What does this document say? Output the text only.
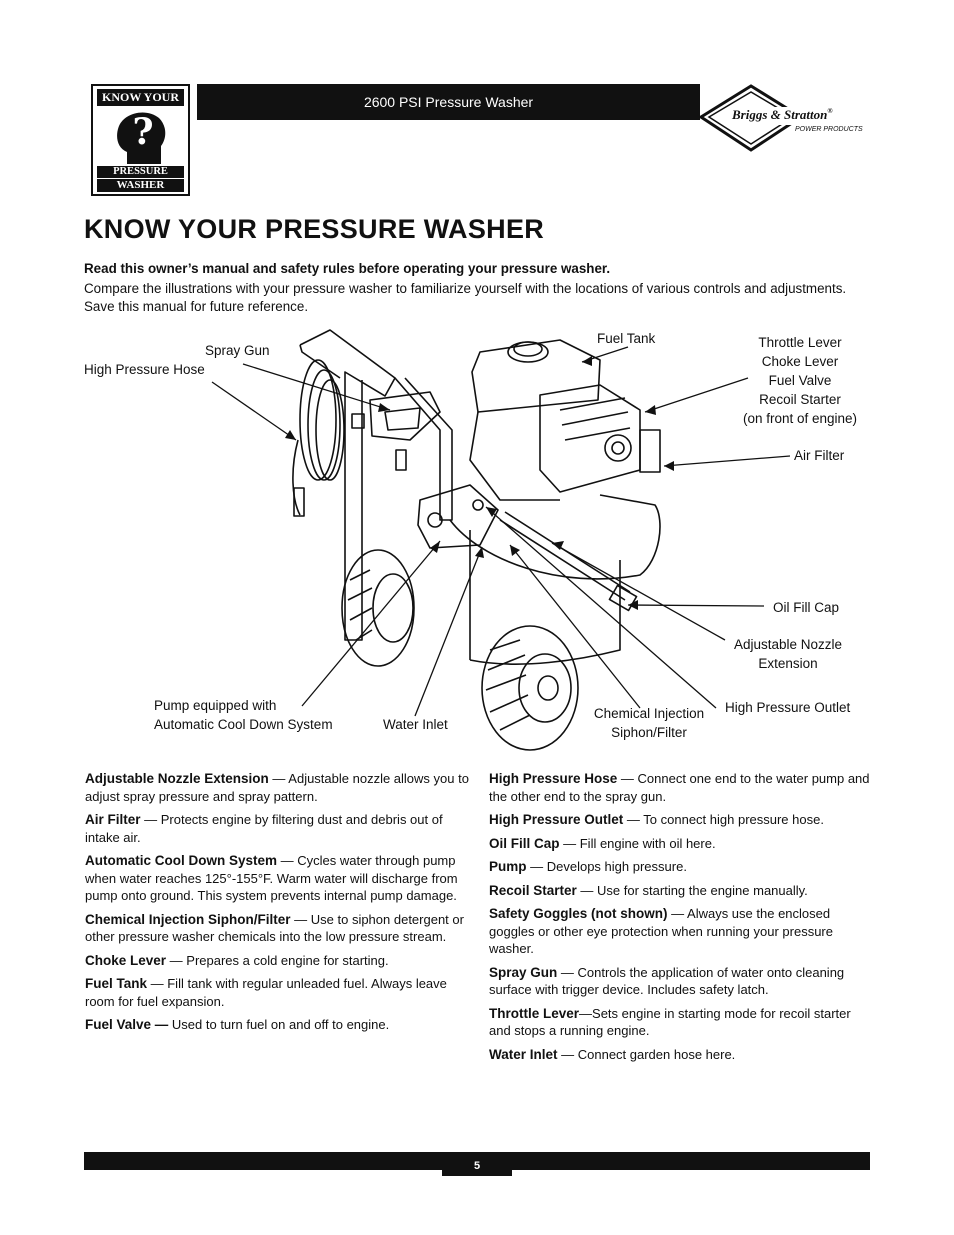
KNOW YOUR
?
PRESSURE
WASHER
2600 PSI Pressure Washer
Briggs & Stratton®
POWER PRODUCTS
KNOW YOUR PRESSURE WASHER
Read this owner’s manual and safety rules before operating your pressure washer.
Compare the illustrations with your pressure washer to familiarize yourself with the locations of various controls and adjustments. Save this manual for future reference.
Spray Gun
High Pressure Hose
Fuel Tank	Throttle Lever
Choke Lever
Fuel Valve
Recoil Starter
(on front of engine)
Air Filter
Oil Fill Cap
Adjustable Nozzle
Extension
Pump equipped with
Automatic Cool Down System	Water Inlet
Chemical Injection
Siphon/Filter
High Pressure Outlet

Adjustable Nozzle Extension — Adjustable nozzle allows you to adjust spray pressure and spray pattern.

Air Filter — Protects engine by filtering dust and debris out of intake air.

Automatic Cool Down System — Cycles water through pump when water reaches 125°-155°F. Warm water will discharge from pump onto ground. This system prevents internal pump damage.

Chemical Injection Siphon/Filter — Use to siphon detergent or other pressure washer chemicals into the low pressure stream.

Choke Lever — Prepares a cold engine for starting.

Fuel Tank — Fill tank with regular unleaded fuel. Always leave room for fuel expansion.

Fuel Valve — Used to turn fuel on and off to engine.

High Pressure Hose — Connect one end to the water pump and the other end to the spray gun.

High Pressure Outlet — To connect high pressure hose.

Oil Fill Cap — Fill engine with oil here.

Pump — Develops high pressure.

Recoil Starter — Use for starting the engine manually.

Safety Goggles (not shown) — Always use the enclosed goggles or other eye protection when running your pressure washer.

Spray Gun — Controls the application of water onto cleaning surface with trigger device. Includes safety latch.

Throttle Lever—Sets engine in starting mode for recoil starter and stops a running engine.

Water Inlet — Connect garden hose here.

5
